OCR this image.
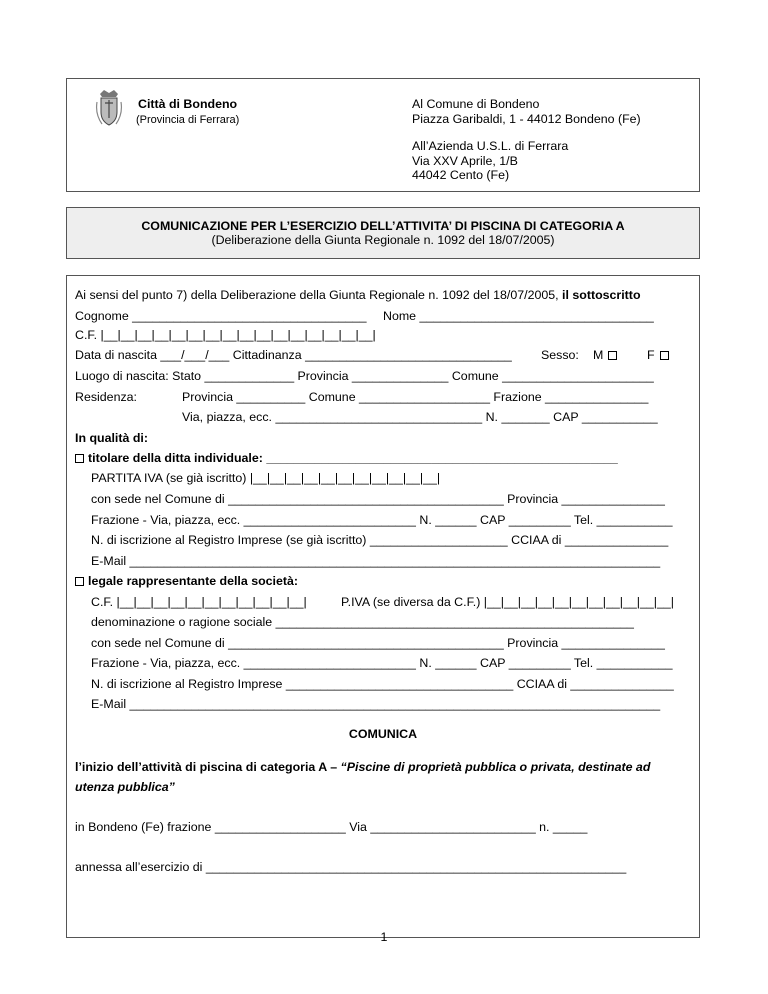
Città di Bondeno
(Provincia di Ferrara)
Al Comune di Bondeno
Piazza Garibaldi, 1 - 44012 Bondeno (Fe)
All’Azienda U.S.L. di Ferrara
Via XXV Aprile, 1/B
44042 Cento (Fe)
COMUNICAZIONE PER L’ESERCIZIO DELL’ATTIVITA’ DI PISCINA DI CATEGORIA A
(Deliberazione della Giunta Regionale n. 1092 del 18/07/2005)
Ai sensi del punto 7) della Deliberazione della Giunta Regionale n. 1092 del 18/07/2005, il sottoscritto
Cognome __________________________________ Nome __________________________________
C.F. |__|__|__|__|__|__|__|__|__|__|__|__|__|__|__|__|
Data di nascita ___/___/___ Cittadinanza ______________________________ Sesso: M	F
Luogo di nascita: Stato _____________ Provincia ______________ Comune ______________________
Residenza:	Provincia __________ Comune ___________________ Frazione _______________
Via, piazza, ecc. ______________________________ N. _______ CAP ___________
In qualità di:
titolare della ditta individuale: ___________________________________________________
PARTITA IVA (se già iscritto) |__|__|__|__|__|__|__|__|__|__|__|
con sede nel Comune di ________________________________________ Provincia _______________
Frazione - Via, piazza, ecc. _________________________ N. ______ CAP _________ Tel. ___________
N. di iscrizione al Registro Imprese (se già iscritto) ____________________ CCIAA di _______________
E-Mail _____________________________________________________________________________
legale rappresentante della società:
C.F. |__|__|__|__|__|__|__|__|__|__|__|	P.IVA (se diversa da C.F.) |__|__|__|__|__|__|__|__|__|__|__|
denominazione o ragione sociale ____________________________________________________
con sede nel Comune di ________________________________________ Provincia _______________
Frazione - Via, piazza, ecc. _________________________ N. ______ CAP _________ Tel. ___________
N. di iscrizione al Registro Imprese _________________________________ CCIAA di _______________
E-Mail _____________________________________________________________________________
COMUNICA
l’inizio dell’attività di piscina di categoria A – “Piscine di proprietà pubblica o privata, destinate ad
utenza pubblica”
in Bondeno (Fe) frazione ___________________ Via ________________________ n. _____
annessa all’esercizio di _____________________________________________________________
1
